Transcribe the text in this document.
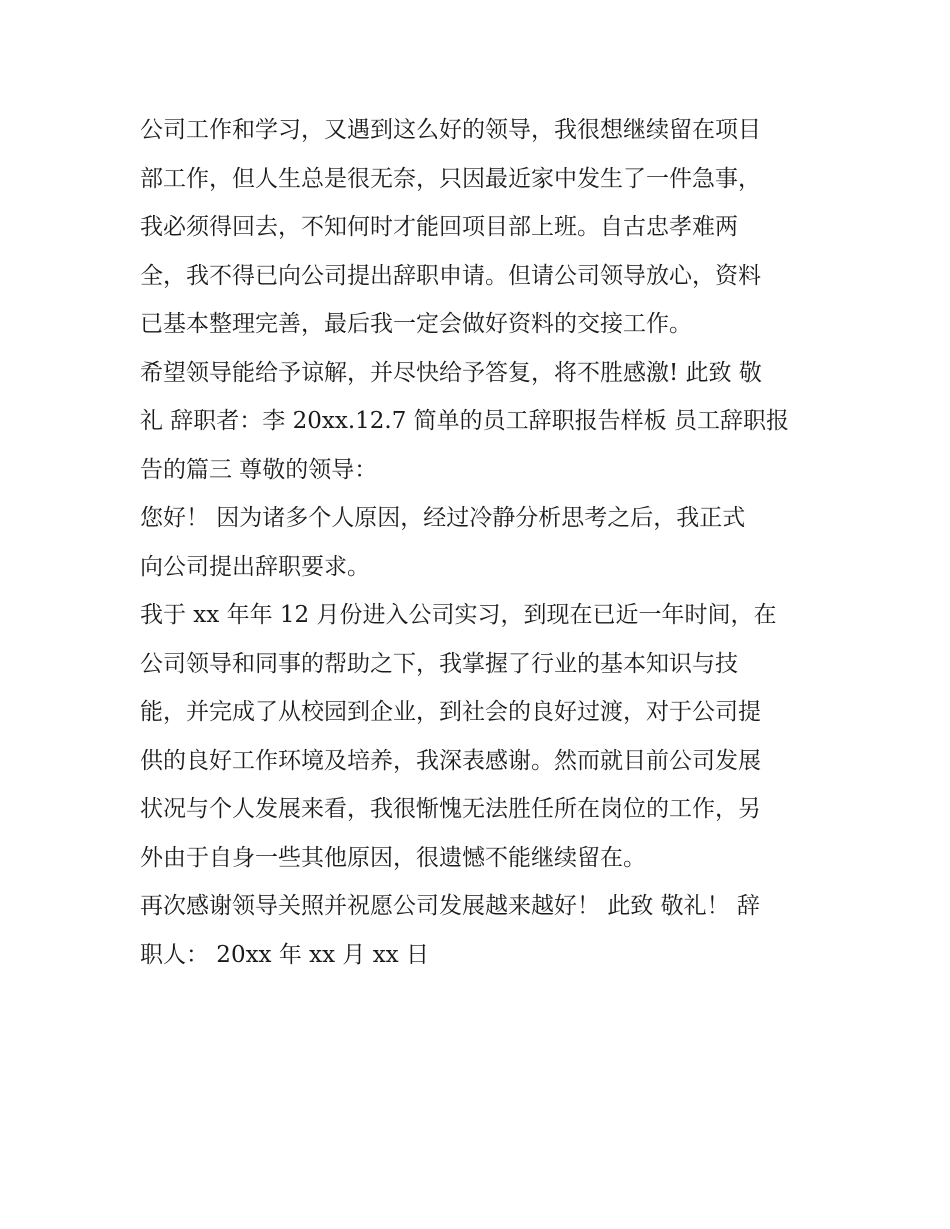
公司工作和学习，又遇到这么好的领导，我很想继续留在项目
部工作，但人生总是很无奈，只因最近家中发生了一件急事，
我必须得回去，不知何时才能回项目部上班。自古忠孝难两
全，我不得已向公司提出辞职申请。但请公司领导放心，资料
已基本整理完善，最后我一定会做好资料的交接工作。

希望领导能给予谅解，并尽快给予答复，将不胜感激! 此致 敬
礼 辞职者：李 20xx.12.7 简单的员工辞职报告样板 员工辞职报
告的篇三 尊敬的领导：

您好！ 因为诸多个人原因，经过冷静分析思考之后，我正式
向公司提出辞职要求。

我于 xx 年年 12 月份进入公司实习，到现在已近一年时间，在
公司领导和同事的帮助之下，我掌握了行业的基本知识与技
能，并完成了从校园到企业，到社会的良好过渡，对于公司提
供的良好工作环境及培养，我深表感谢。然而就目前公司发展
状况与个人发展来看，我很惭愧无法胜任所在岗位的工作，另
外由于自身一些其他原因，很遗憾不能继续留在。

再次感谢领导关照并祝愿公司发展越来越好！ 此致 敬礼！ 辞
职人： 20xx 年 xx 月 xx 日
